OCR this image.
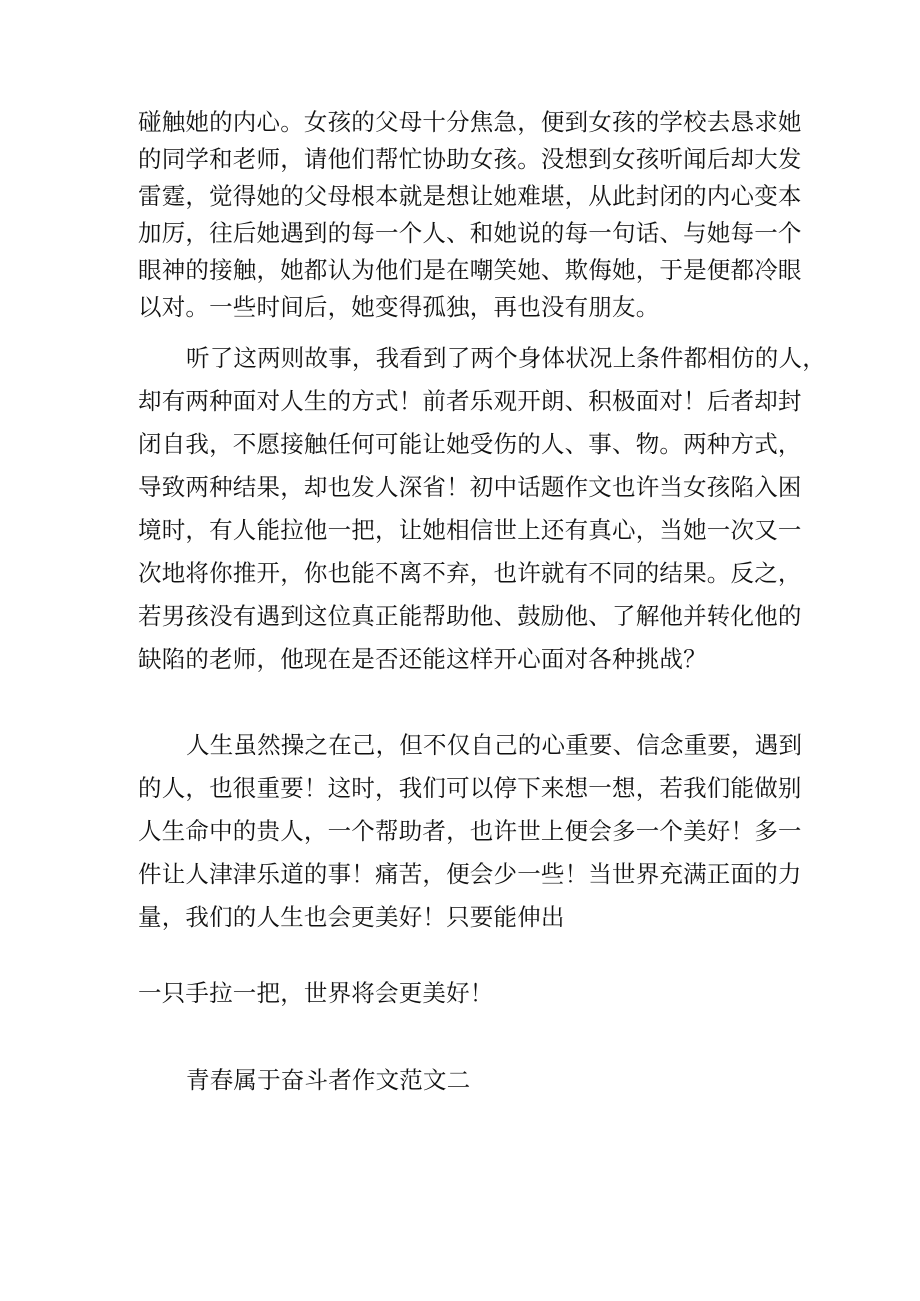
碰触她的内心。女孩的父母十分焦急，便到女孩的学校去恳求她
的同学和老师，请他们帮忙协助女孩。没想到女孩听闻后却大发
雷霆，觉得她的父母根本就是想让她难堪，从此封闭的内心变本
加厉，往后她遇到的每一个人、和她说的每一句话、与她每一个
眼神的接触，她都认为他们是在嘲笑她、欺侮她，于是便都冷眼
以对。一些时间后，她变得孤独，再也没有朋友。
听了这两则故事，我看到了两个身体状况上条件都相仿的人，
却有两种面对人生的方式！前者乐观开朗、积极面对！后者却封
闭自我，不愿接触任何可能让她受伤的人、事、物。两种方式，
导致两种结果，却也发人深省！初中话题作文也许当女孩陷入困
境时，有人能拉他一把，让她相信世上还有真心，当她一次又一
次地将你推开，你也能不离不弃，也许就有不同的结果。反之，
若男孩没有遇到这位真正能帮助他、鼓励他、了解他并转化他的
缺陷的老师，他现在是否还能这样开心面对各种挑战？
人生虽然操之在己，但不仅自己的心重要、信念重要，遇到
的人，也很重要！这时，我们可以停下来想一想，若我们能做别
人生命中的贵人，一个帮助者，也许世上便会多一个美好！多一
件让人津津乐道的事！痛苦，便会少一些！当世界充满正面的力
量，我们的人生也会更美好！只要能伸出
一只手拉一把，世界将会更美好！
青春属于奋斗者作文范文二
